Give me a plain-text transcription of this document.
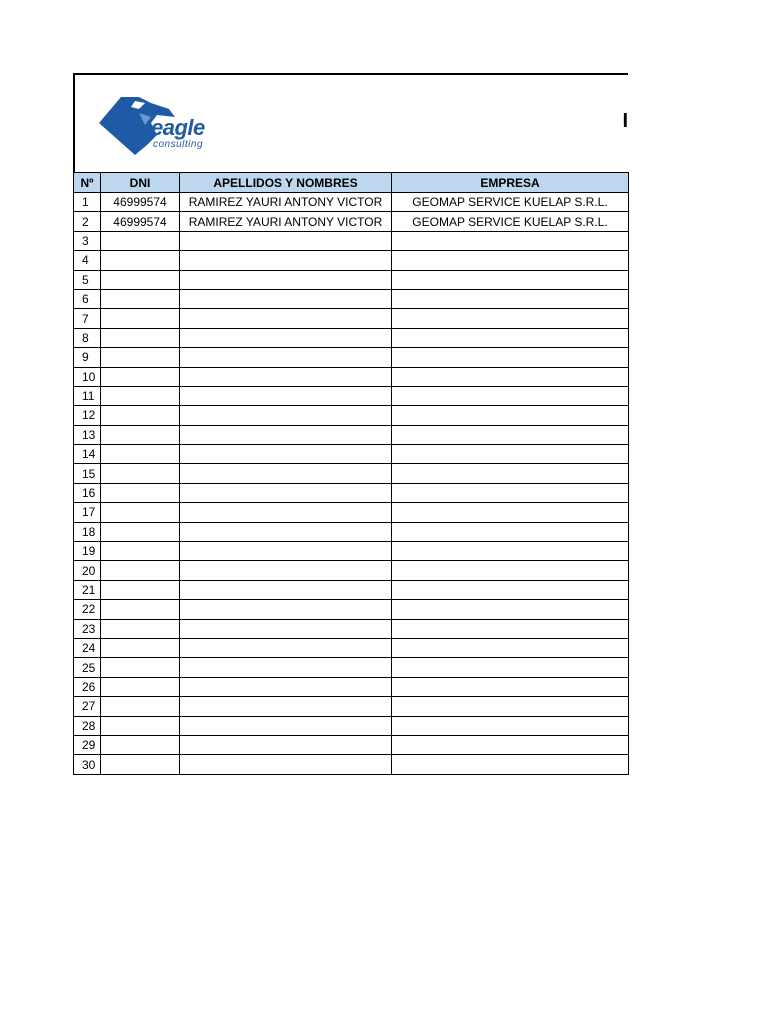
eagle
consulting
I
Nº	DNI	APELLIDOS Y NOMBRES	EMPRESA
1	46999574	RAMIREZ YAURI ANTONY VICTOR	GEOMAP SERVICE KUELAP S.R.L.
2	46999574	RAMIREZ YAURI ANTONY VICTOR	GEOMAP SERVICE KUELAP S.R.L.
3			
4			
5			
6			
7			
8			
9			
10			
11			
12			
13			
14			
15			
16			
17			
18			
19			
20			
21			
22			
23			
24			
25			
26			
27			
28			
29			
30			
